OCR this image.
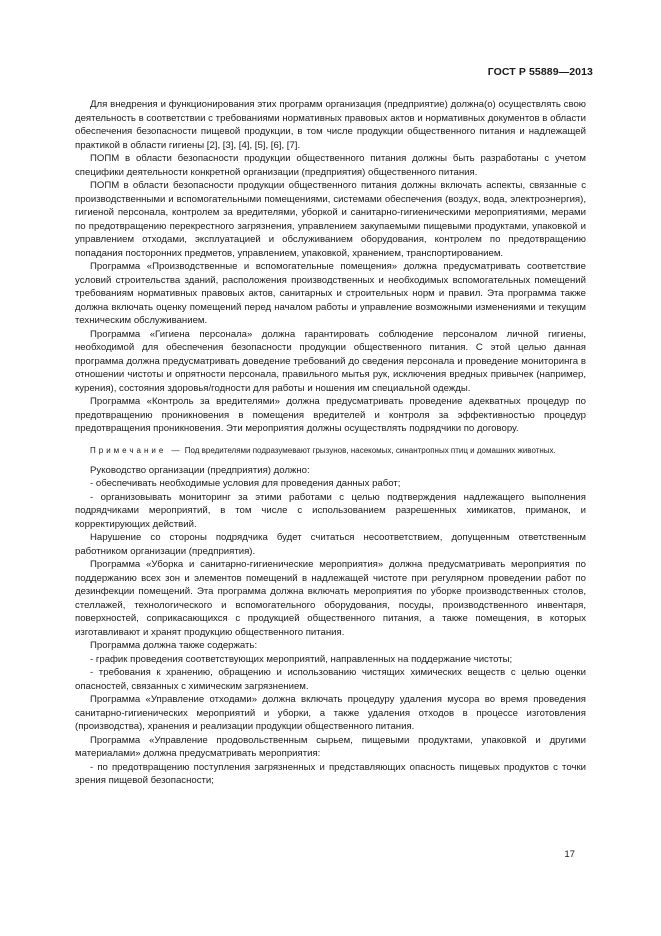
ГОСТ Р 55889—2013

Для внедрения и функционирования этих программ организация (предприятие) должна(о) осуществлять свою деятельность в соответствии с требованиями нормативных правовых актов и нормативных документов в области обеспечения безопасности пищевой продукции, в том числе продукции общественного питания и надлежащей практикой в области гигиены [2], [3], [4], [5], [6], [7].

ПОПМ в области безопасности продукции общественного питания должны быть разработаны с учетом специфики деятельности конкретной организации (предприятия) общественного питания.

ПОПМ в области безопасности продукции общественного питания должны включать аспекты, связанные с производственными и вспомогательными помещениями, системами обеспечения (воздух, вода, электроэнергия), гигиеной персонала, контролем за вредителями, уборкой и санитарно-гигиеническими мероприятиями, мерами по предотвращению перекрестного загрязнения, управлением закупаемыми пищевыми продуктами, упаковкой и управлением отходами, эксплуатацией и обслуживанием оборудования, контролем по предотвращению попадания посторонних предметов, управлением, упаковкой, хранением, транспортированием.

Программа «Производственные и вспомогательные помещения» должна предусматривать соответствие условий строительства зданий, расположения производственных и необходимых вспомогательных помещений требованиям нормативных правовых актов, санитарных и строительных норм и правил. Эта программа также должна включать оценку помещений перед началом работы и управление возможными изменениями и текущим техническим обслуживанием.

Программа «Гигиена персонала» должна гарантировать соблюдение персоналом личной гигиены, необходимой для обеспечения безопасности продукции общественного питания. С этой целью данная программа должна предусматривать доведение требований до сведения персонала и проведение мониторинга в отношении чистоты и опрятности персонала, правильного мытья рук, исключения вредных привычек (например, курения), состояния здоровья/годности для работы и ношения им специальной одежды.

Программа «Контроль за вредителями» должна предусматривать проведение адекватных процедур по предотвращению проникновения в помещения вредителей и контроля за эффективностью процедур предотвращения проникновения. Эти мероприятия должны осуществлять подрядчики по договору.

Примечание — Под вредителями подразумевают грызунов, насекомых, синантропных птиц и домашних животных.

Руководство организации (предприятия) должно:

- обеспечивать необходимые условия для проведения данных работ;

- организовывать мониторинг за этими работами с целью подтверждения надлежащего выполнения подрядчиками мероприятий, в том числе с использованием разрешенных химикатов, приманок, и корректирующих действий.

Нарушение со стороны подрядчика будет считаться несоответствием, допущенным ответственным работником организации (предприятия).

Программа «Уборка и санитарно-гигиенические мероприятия» должна предусматривать мероприятия по поддержанию всех зон и элементов помещений в надлежащей чистоте при регулярном проведении работ по дезинфекции помещений. Эта программа должна включать мероприятия по уборке производственных столов, стеллажей, технологического и вспомогательного оборудования, посуды, производственного инвентаря, поверхностей, соприкасающихся с продукцией общественного питания, а также помещения, в которых изготавливают и хранят продукцию общественного питания.

Программа должна также содержать:

- график проведения соответствующих мероприятий, направленных на поддержание чистоты;

- требования к хранению, обращению и использованию чистящих химических веществ с целью оценки опасностей, связанных с химическим загрязнением.

Программа «Управление отходами» должна включать процедуру удаления мусора во время проведения санитарно-гигиенических мероприятий и уборки, а также удаления отходов в процессе изготовления (производства), хранения и реализации продукции общественного питания.

Программа «Управление продовольственным сырьем, пищевыми продуктами, упаковкой и другими материалами» должна предусматривать мероприятия:

- по предотвращению поступления загрязненных и представляющих опасность пищевых продуктов с точки зрения пищевой безопасности;

17
